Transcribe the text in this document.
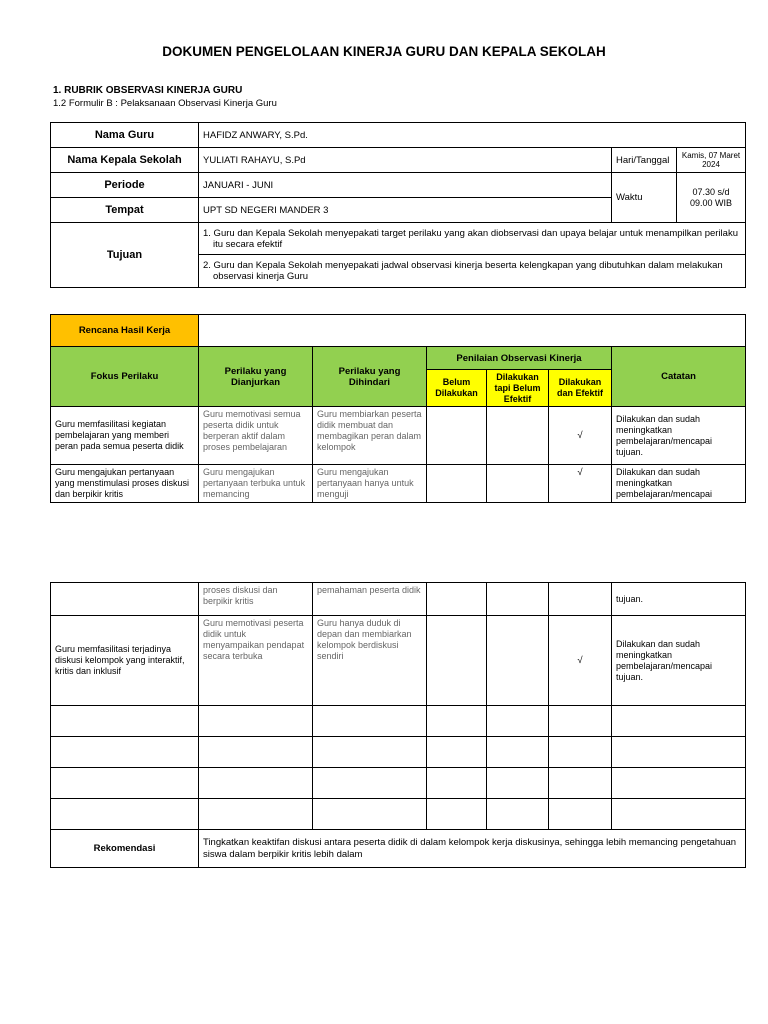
DOKUMEN PENGELOLAAN KINERJA GURU DAN KEPALA SEKOLAH
1. RUBRIK OBSERVASI KINERJA GURU
1.2 Formulir B : Pelaksanaan Observasi Kinerja Guru
Nama Guru	HAFIDZ ANWARY, S.Pd.		
Nama Kepala Sekolah	YULIATI RAHAYU, S.Pd	Hari/Tanggal	Kamis, 07 Maret 2024
Periode	JANUARI - JUNI	Waktu	07.30 s/d 09.00 WIB
Tempat	UPT SD NEGERI MANDER 3		
Tujuan	1. Guru dan Kepala Sekolah menyepakati target perilaku yang akan diobservasi dan upaya belajar untuk menampilkan perilaku itu secara efektif		
	2. Guru dan Kepala Sekolah menyepakati jadwal observasi kinerja beserta kelengkapan yang dibutuhkan dalam melakukan observasi kinerja Guru		
Rencana Hasil Kerja						
Fokus Perilaku	Perilaku yang Dianjurkan	Perilaku yang Dihindari	Penilaian Observasi Kinerja			Catatan
			Belum Dilakukan	Dilakukan tapi Belum Efektif	Dilakukan dan Efektif	
Guru memfasilitasi kegiatan pembelajaran yang memberi peran pada semua peserta didik	Guru memotivasi semua peserta didik untuk berperan aktif dalam proses pembelajaran	Guru membiarkan peserta didik membuat dan membagikan peran dalam kelompok			√	Dilakukan dan sudah meningkatkan pembelajaran/mencapai tujuan.
Guru mengajukan pertanyaan yang menstimulasi proses diskusi dan berpikir kritis	Guru mengajukan pertanyaan terbuka untuk memancing	Guru mengajukan pertanyaan hanya untuk menguji			√	Dilakukan dan sudah meningkatkan pembelajaran/mencapai
	proses diskusi dan berpikir kritis	pemahaman peserta didik				tujuan.
Guru memfasilitasi terjadinya diskusi kelompok yang interaktif, kritis dan inklusif	Guru memotivasi peserta didik untuk menyampaikan pendapat secara terbuka	Guru hanya duduk di depan dan membiarkan kelompok berdiskusi sendiri			√	Dilakukan dan sudah meningkatkan pembelajaran/mencapai tujuan.

Rekomendasi	Tingkatkan keaktifan diskusi antara peserta didik di dalam kelompok kerja diskusinya, sehingga lebih memancing pengetahuan siswa dalam berpikir kritis lebih dalam					
